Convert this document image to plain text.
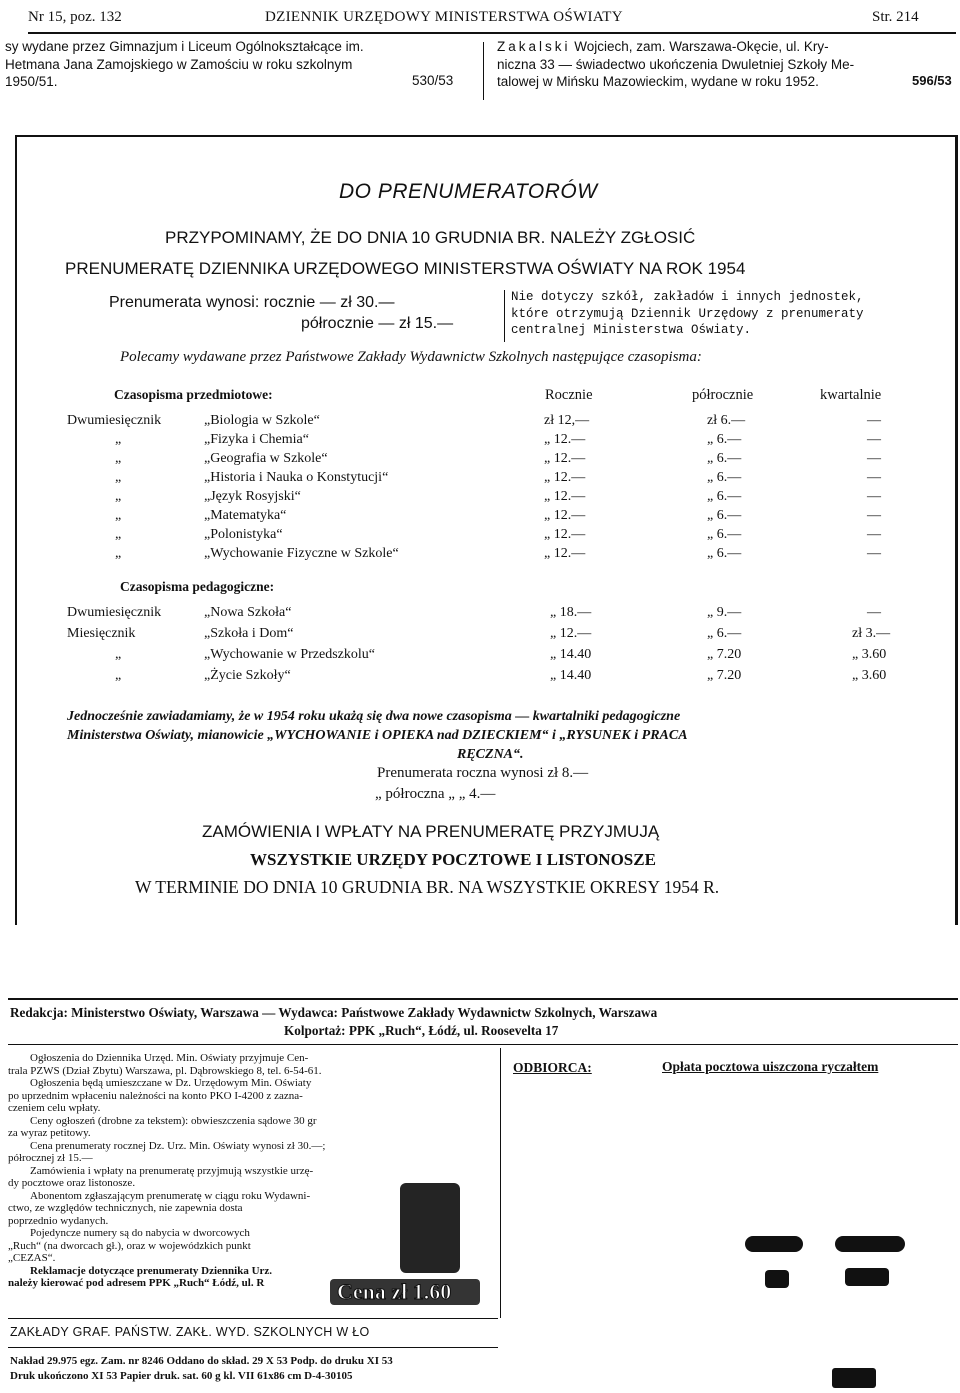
Nr 15, poz. 132	DZIENNIK URZĘDOWY MINISTERSTWA OŚWIATY	Str. 214
sy wydane przez Gimnazjum i Liceum Ogólnokształcące im.
Hetmana Jana Zamojskiego w Zamościu w roku szkolnym
1950/51.	530/53
Zakalski Wojciech, zam. Warszawa-Okęcie, ul. Kry-
niczna 33 — świadectwo ukończenia Dwuletniej Szkoły Me-
talowej w Mińsku Mazowieckim, wydane w roku 1952.	596/53
DO PRENUMERATORÓW
PRZYPOMINAMY, ŻE DO DNIA 10 GRUDNIA BR. NALEŻY ZGŁOSIĆ
PRENUMERATĘ DZIENNIKA URZĘDOWEGO MINISTERSTWA OŚWIATY NA ROK 1954
Prenumerata wynosi: rocznie — zł 30.—
półrocznie — zł 15.—
Nie dotyczy szkół, zakładów i innych jednostek,
które otrzymują Dziennik Urzędowy z prenumeraty
centralnej Ministerstwa Oświaty.
Polecamy wydawane przez Państwowe Zakłady Wydawnictw Szkolnych następujące czasopisma:
Czasopisma przedmiotowe:	Rocznie	półrocznie	kwartalnie
Dwumiesięcznik	„Biologia w Szkole“	zł 12,—	zł 6.—	—
„	„Fizyka i Chemia“	„ 12.—	„ 6.—	—
„	„Geografia w Szkole“	„ 12.—	„ 6.—	—
„	„Historia i Nauka o Konstytucji“	„ 12.—	„ 6.—	—
„	„Język Rosyjski“	„ 12.—	„ 6.—	—
„	„Matematyka“	„ 12.—	„ 6.—	—
„	„Polonistyka“	„ 12.—	„ 6.—	—
„	„Wychowanie Fizyczne w Szkole“	„ 12.—	„ 6.—	—
Czasopisma pedagogiczne:
Dwumiesięcznik	„Nowa Szkoła“	„ 18.—	„ 9.—	—
Miesięcznik	„Szkoła i Dom“	„ 12.—	„ 6.—	zł 3.—
„	„Wychowanie w Przedszkolu“	„ 14.40	„ 7.20	„ 3.60
„	„Życie Szkoły“	„ 14.40	„ 7.20	„ 3.60
Jednocześnie zawiadamiamy, że w 1954 roku ukażą się dwa nowe czasopisma — kwartalniki pedagogiczne
Ministerstwa Oświaty, mianowicie „WYCHOWANIE i OPIEKA nad DZIECKIEM“ i „RYSUNEK i PRACA
RĘCZNA“.
Prenumerata roczna wynosi zł 8.—
„ półroczna „ „ 4.—
ZAMÓWIENIA I WPŁATY NA PRENUMERATĘ PRZYJMUJĄ
WSZYSTKIE URZĘDY POCZTOWE I LISTONOSZE
W TERMINIE DO DNIA 10 GRUDNIA BR. NA WSZYSTKIE OKRESY 1954 R.
Redakcja: Ministerstwo Oświaty, Warszawa — Wydawca: Państwowe Zakłady Wydawnictw Szkolnych, Warszawa
Kolportaż: PPK „Ruch“, Łódź, ul. Roosevelta 17
Ogłoszenia do Dziennika Urzęd. Min. Oświaty przyjmuje Cen-
trala PZWS (Dział Zbytu) Warszawa, pl. Dąbrowskiego 8, tel. 6-54-61.
Ogłoszenia będą umieszczane w Dz. Urzędowym Min. Oświaty
po uprzednim wpłaceniu należności na konto PKO I-4200 z zazna-
czeniem celu wpłaty.
Ceny ogłoszeń (drobne za tekstem): obwieszczenia sądowe 30 gr
za wyraz petitowy.
Cena prenumeraty rocznej Dz. Urz. Min. Oświaty wynosi zł 30.—;
półrocznej zł 15.—
Zamówienia i wpłaty na prenumeratę przyjmują wszystkie urzę-
dy pocztowe oraz listonosze.
Abonentom zgłaszającym prenumeratę w ciągu roku Wydawni-
ctwo, ze względów technicznych, nie zapewnia dosta
poprzednio wydanych.
Pojedyncze numery są do nabycia w dworcowych
„Ruch“ (na dworcach gł.), oraz w wojewódzkich punkt
„CEZAS“.
Reklamacje dotyczące prenumeraty Dziennika Urz.
należy kierować pod adresem PPK „Ruch“ Łódź, ul. R	Cena zł 1.60
ODBIORCA:	Opłata pocztowa uiszczona ryczałtem
ZAKŁADY GRAF. PAŃSTW. ZAKŁ. WYD. SZKOLNYCH W ŁO
Nakład 29.975 egz. Zam. nr 8246 Oddano do skład. 29 X 53 Podp. do druku XI 53
Druk ukończono XI 53 Papier druk. sat. 60 g kl. VII 61x86 cm D-4-30105
